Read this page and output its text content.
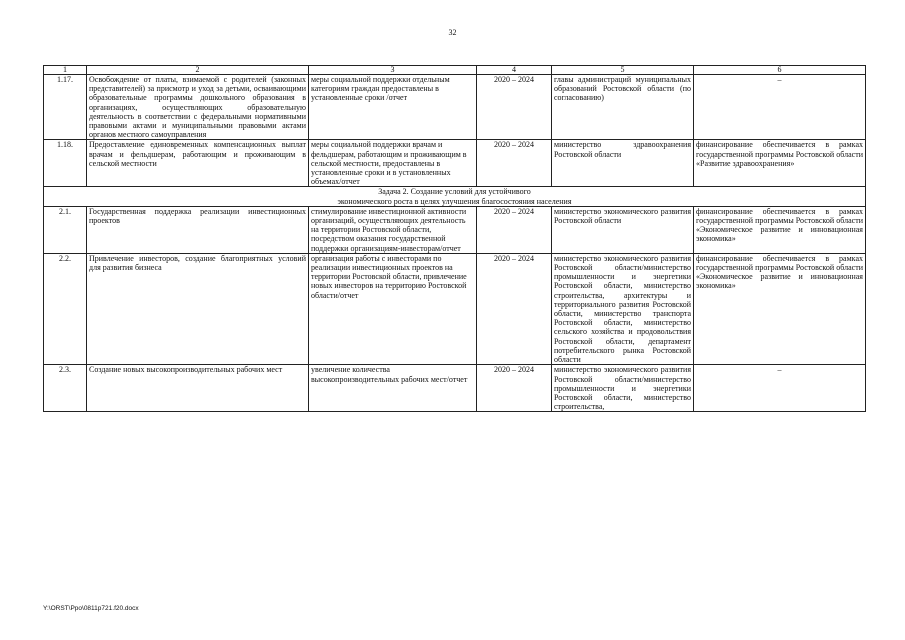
32
1	2	3	4	5	6
1.17.	Освобождение от платы, взимаемой с родителей (законных представителей) за присмотр и уход за детьми, осваивающими образовательные программы дошкольного образования в организациях, осуществляющих образовательную деятельность в соответствии с федеральными нормативными правовыми актами и муниципальными правовыми актами органов местного самоуправления	меры социальной поддержки отдельным категориям граждан предоставлены в установленные сроки /отчет	2020 – 2024	главы администраций муниципальных образований Ростовской области (по согласованию)	–
1.18.	Предоставление единовременных компенсационных выплат врачам и фельдшерам, работающим и проживающим в сельской местности	меры социальной поддержки врачам и фельдшерам, работающим и проживающим в сельской местности, предоставлены в установленные сроки и в установленных объемах/отчет	2020 – 2024	министерство здравоохранения Ростовской области	финансирование обеспечивается в рамках государственной программы Ростовской области «Развитие здравоохранения»

Задача 2. Создание условий для устойчивого
экономического роста в целях улучшения благосостояния населения					

2.1.	Государственная поддержка реализации инвестиционных проектов	стимулирование инвестиционной активности организаций, осуществляющих деятельность на территории Ростовской области, посредством оказания государственной поддержки организациям-инвесторам/отчет	2020 – 2024	министерство экономического развития Ростовской области	финансирование обеспечивается в рамках государственной программы Ростовской области «Экономическое развитие и инновационная экономика»
2.2.	Привлечение инвесторов, создание благоприятных условий для развития бизнеса	организация работы с инвесторами по реализации инвестиционных проектов на территории Ростовской области, привлечение новых инвесторов на территорию Ростовской области/отчет	2020 – 2024	министерство экономического развития Ростовской области/министерство промышленности и энергетики Ростовской области, министерство строительства, архитектуры и территориального развития Ростовской области, министерство транспорта Ростовской области, министерство сельского хозяйства и продовольствия Ростовской области, департамент потребительского рынка Ростовской области	финансирование обеспечивается в рамках государственной программы Ростовской области «Экономическое развитие и инновационная экономика»
2.3.	Создание новых высокопроизводительных рабочих мест	увеличение количества высокопроизводительных рабочих мест/отчет	2020 – 2024	министерство экономического развития Ростовской области/министерство промышленности и энергетики Ростовской области, министерство строительства,	–
Y:\ORST\Ppo\0811p721.f20.docx
